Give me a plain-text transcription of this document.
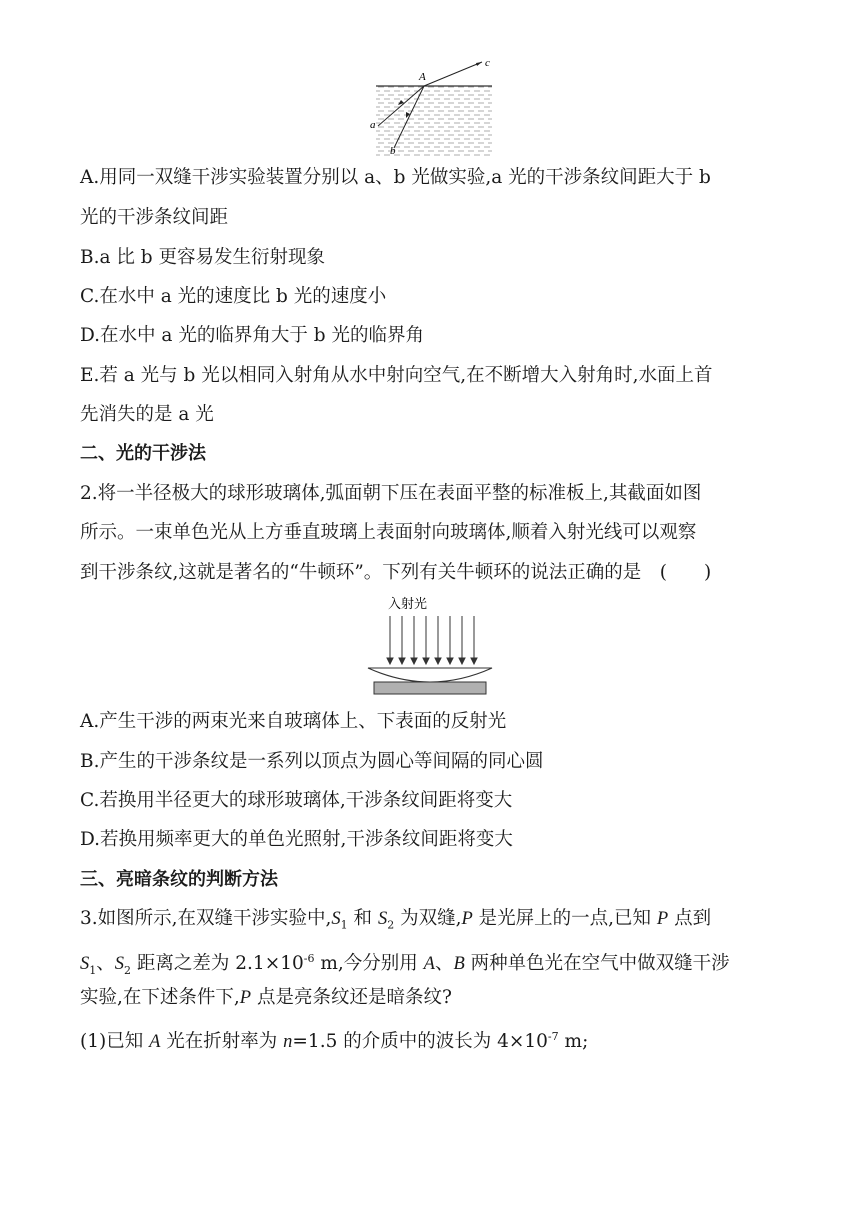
A
a
b
c
A.用同一双缝干涉实验装置分别以 a、b 光做实验,a 光的干涉条纹间距大于 b
光的干涉条纹间距
B.a 比 b 更容易发生衍射现象
C.在水中 a 光的速度比 b 光的速度小
D.在水中 a 光的临界角大于 b 光的临界角
E.若 a 光与 b 光以相同入射角从水中射向空气,在不断增大入射角时,水面上首
先消失的是 a 光
二、光的干涉法
2.将一半径极大的球形玻璃体,弧面朝下压在表面平整的标准板上,其截面如图
所示。一束单色光从上方垂直玻璃上表面射向玻璃体,顺着入射光线可以观察
到干涉条纹,这就是著名的“牛顿环”。下列有关牛顿环的说法正确的是　(　　)
入射光
A.产生干涉的两束光来自玻璃体上、下表面的反射光
B.产生的干涉条纹是一系列以顶点为圆心等间隔的同心圆
C.若换用半径更大的球形玻璃体,干涉条纹间距将变大
D.若换用频率更大的单色光照射,干涉条纹间距将变大
三、亮暗条纹的判断方法
3.如图所示,在双缝干涉实验中$,S_1$ 和 $S_2$ 为双缝,P 是光屏上的一点,已知 P 点到
$S_1$、$S_2$ 距离之差为 $2.1\times 10^{-6}$ m,今分别用 A、B 两种单色光在空气中做双缝干涉
实验,在下述条件下,P 点是亮条纹还是暗条纹?
(1)已知 A 光在折射率为 n=1.5 的介质中的波长为 $4\times 10^{-7}$ m;
